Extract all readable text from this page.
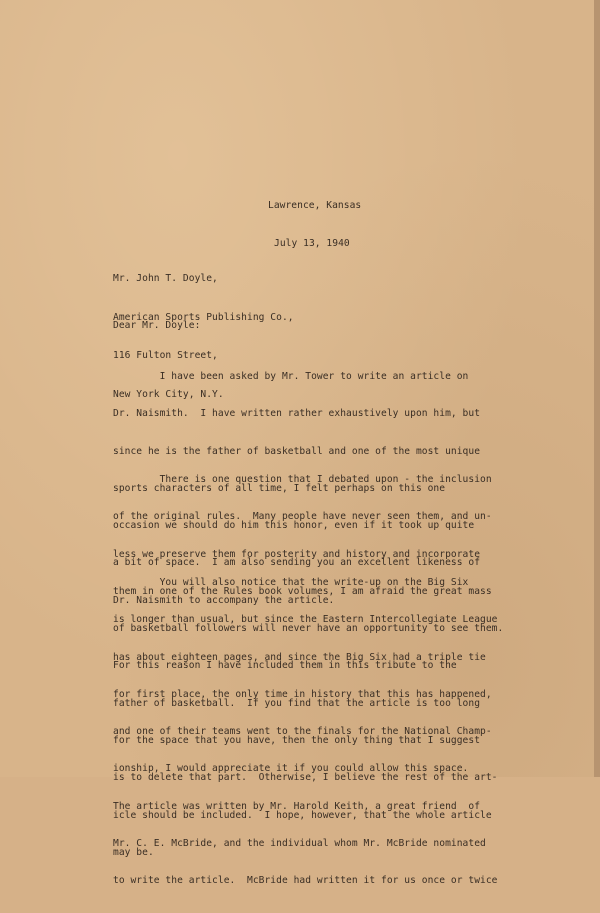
Lawrence, Kansas

July 13, 1940

Mr. John T. Doyle,

American Sports Publishing Co.,

116 Fulton Street,

New York City, N.Y.

Dear Mr. Doyle:

I have been asked by Mr. Tower to write an article on

Dr. Naismith.  I have written rather exhaustively upon him, but

since he is the father of basketball and one of the most unique

sports characters of all time, I felt perhaps on this one

occasion we should do him this honor, even if it took up quite

a bit of space.  I am also sending you an excellent likeness of

Dr. Naismith to accompany the article.

There is one question that I debated upon - the inclusion

of the original rules.  Many people have never seen them, and un-

less we preserve them for posterity and history and incorporate

them in one of the Rules book volumes, I am afraid the great mass

of basketball followers will never have an opportunity to see them.

For this reason I have included them in this tribute to the

father of basketball.  If you find that the article is too long

for the space that you have, then the only thing that I suggest

is to delete that part.  Otherwise, I believe the rest of the art-

icle should be included.  I hope, however, that the whole article

may be.

You will also notice that the write-up on the Big Six

is longer than usual, but since the Eastern Intercollegiate League

has about eighteen pages, and since the Big Six had a triple tie

for first place, the only time in history that this has happened,

and one of their teams went to the finals for the National Champ-

ionship, I would appreciate it if you could allow this space.

The article was written by Mr. Harold Keith, a great friend  of

Mr. C. E. McBride, and the individual whom Mr. McBride nominated

to write the article.  McBride had written it for us once or twice
